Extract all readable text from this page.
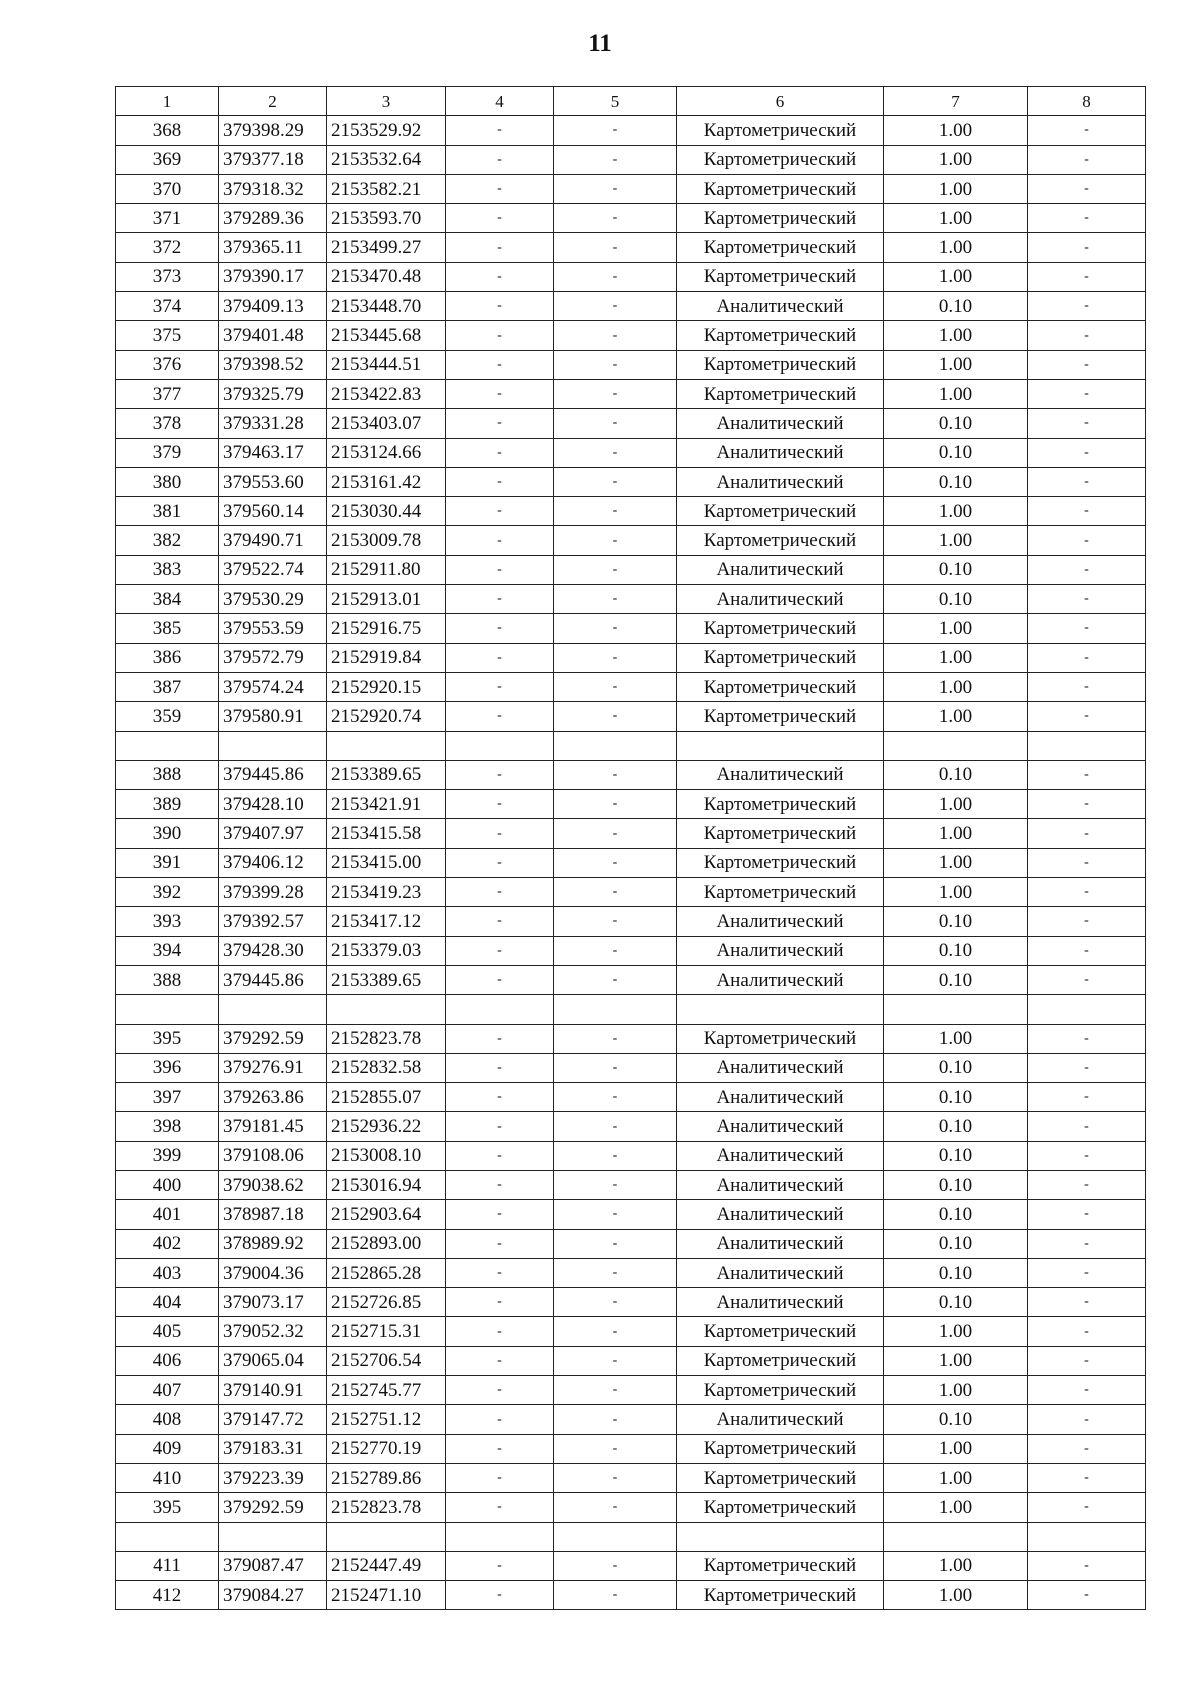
11
1	2	3	4	5	6	7	8
368	379398.29	2153529.92	-	-	Картометрический	1.00	-
369	379377.18	2153532.64	-	-	Картометрический	1.00	-
370	379318.32	2153582.21	-	-	Картометрический	1.00	-
371	379289.36	2153593.70	-	-	Картометрический	1.00	-
372	379365.11	2153499.27	-	-	Картометрический	1.00	-
373	379390.17	2153470.48	-	-	Картометрический	1.00	-
374	379409.13	2153448.70	-	-	Аналитический	0.10	-
375	379401.48	2153445.68	-	-	Картометрический	1.00	-
376	379398.52	2153444.51	-	-	Картометрический	1.00	-
377	379325.79	2153422.83	-	-	Картометрический	1.00	-
378	379331.28	2153403.07	-	-	Аналитический	0.10	-
379	379463.17	2153124.66	-	-	Аналитический	0.10	-
380	379553.60	2153161.42	-	-	Аналитический	0.10	-
381	379560.14	2153030.44	-	-	Картометрический	1.00	-
382	379490.71	2153009.78	-	-	Картометрический	1.00	-
383	379522.74	2152911.80	-	-	Аналитический	0.10	-
384	379530.29	2152913.01	-	-	Аналитический	0.10	-
385	379553.59	2152916.75	-	-	Картометрический	1.00	-
386	379572.79	2152919.84	-	-	Картометрический	1.00	-
387	379574.24	2152920.15	-	-	Картометрический	1.00	-
359	379580.91	2152920.74	-	-	Картометрический	1.00	-

388	379445.86	2153389.65	-	-	Аналитический	0.10	-
389	379428.10	2153421.91	-	-	Картометрический	1.00	-
390	379407.97	2153415.58	-	-	Картометрический	1.00	-
391	379406.12	2153415.00	-	-	Картометрический	1.00	-
392	379399.28	2153419.23	-	-	Картометрический	1.00	-
393	379392.57	2153417.12	-	-	Аналитический	0.10	-
394	379428.30	2153379.03	-	-	Аналитический	0.10	-
388	379445.86	2153389.65	-	-	Аналитический	0.10	-

395	379292.59	2152823.78	-	-	Картометрический	1.00	-
396	379276.91	2152832.58	-	-	Аналитический	0.10	-
397	379263.86	2152855.07	-	-	Аналитический	0.10	-
398	379181.45	2152936.22	-	-	Аналитический	0.10	-
399	379108.06	2153008.10	-	-	Аналитический	0.10	-
400	379038.62	2153016.94	-	-	Аналитический	0.10	-
401	378987.18	2152903.64	-	-	Аналитический	0.10	-
402	378989.92	2152893.00	-	-	Аналитический	0.10	-
403	379004.36	2152865.28	-	-	Аналитический	0.10	-
404	379073.17	2152726.85	-	-	Аналитический	0.10	-
405	379052.32	2152715.31	-	-	Картометрический	1.00	-
406	379065.04	2152706.54	-	-	Картометрический	1.00	-
407	379140.91	2152745.77	-	-	Картометрический	1.00	-
408	379147.72	2152751.12	-	-	Аналитический	0.10	-
409	379183.31	2152770.19	-	-	Картометрический	1.00	-
410	379223.39	2152789.86	-	-	Картометрический	1.00	-
395	379292.59	2152823.78	-	-	Картометрический	1.00	-

411	379087.47	2152447.49	-	-	Картометрический	1.00	-
412	379084.27	2152471.10	-	-	Картометрический	1.00	-
